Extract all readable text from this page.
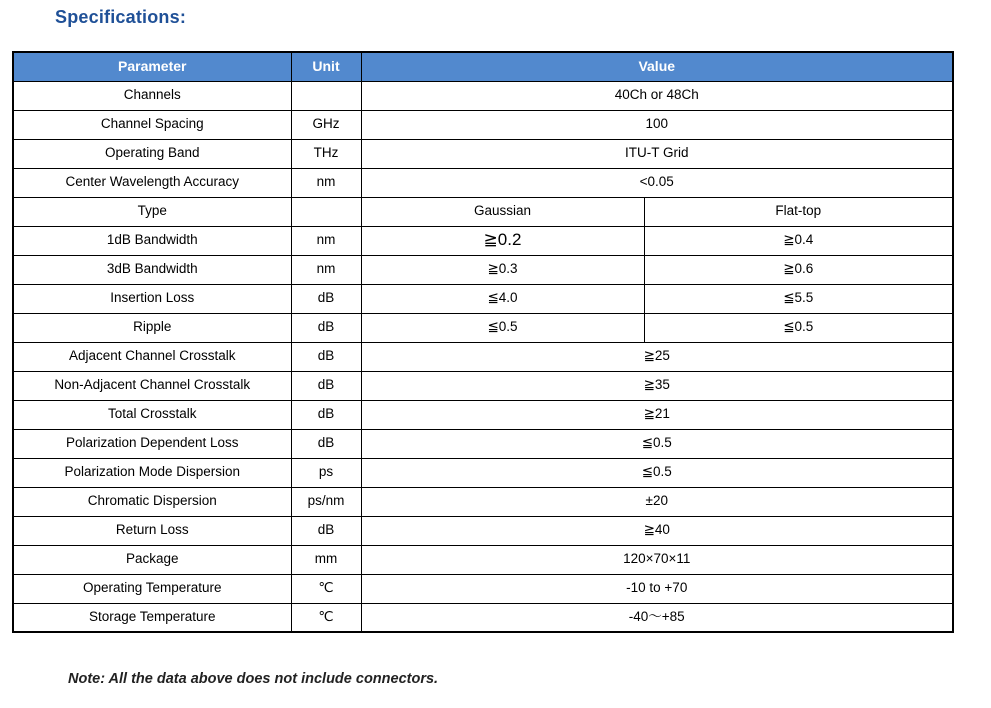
Specifications:
Parameter	Unit	Value	
Channels		40Ch or 48Ch	
Channel Spacing	GHz	100	
Operating Band	THz	ITU-T Grid	
Center Wavelength Accuracy	nm	<0.05	
Type		Gaussian	Flat-top
1dB Bandwidth	nm	≧0.2	≧0.4
3dB Bandwidth	nm	≧0.3	≧0.6
Insertion Loss	dB	≦4.0	≦5.5
Ripple	dB	≦0.5	≦0.5
Adjacent Channel Crosstalk	dB	≧25	
Non-Adjacent Channel Crosstalk	dB	≧35	
Total Crosstalk	dB	≧21	
Polarization Dependent Loss	dB	≦0.5	
Polarization Mode Dispersion	ps	≦0.5	
Chromatic Dispersion	ps/nm	±20	
Return Loss	dB	≧40	
Package	mm	120×70×11	
Operating Temperature	℃	-10 to +70	
Storage Temperature	℃	-40～+85	
Note: All the data above does not include connectors.
